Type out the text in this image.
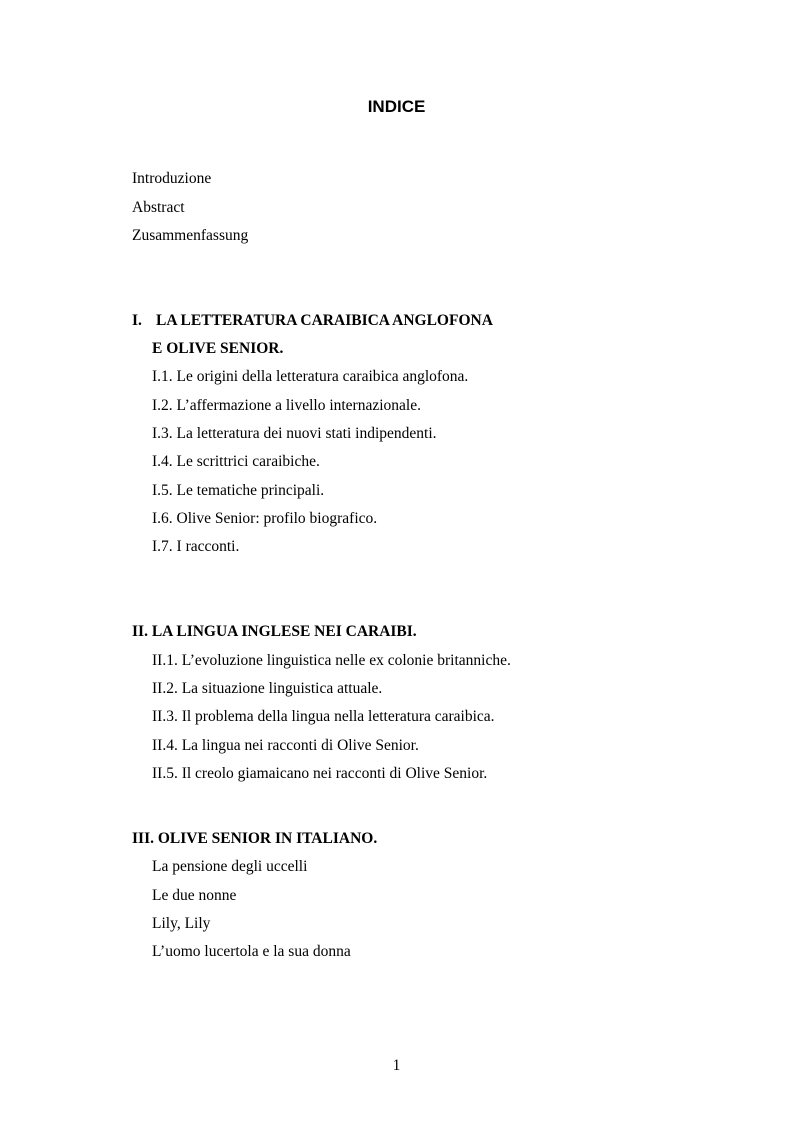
INDICE
Introduzione
Abstract
Zusammenfassung
I. LA LETTERATURA CARAIBICA ANGLOFONA
E OLIVE SENIOR.
I.1. Le origini della letteratura caraibica anglofona.
I.2. L’affermazione a livello internazionale.
I.3. La letteratura dei nuovi stati indipendenti.
I.4. Le scrittrici caraibiche.
I.5. Le tematiche principali.
I.6. Olive Senior: profilo biografico.
I.7. I racconti.
II. LA LINGUA INGLESE NEI CARAIBI.
II.1. L’evoluzione linguistica nelle ex colonie britanniche.
II.2. La situazione linguistica attuale.
II.3. Il problema della lingua nella letteratura caraibica.
II.4. La lingua nei racconti di Olive Senior.
II.5. Il creolo giamaicano nei racconti di Olive Senior.
III. OLIVE SENIOR IN ITALIANO.
La pensione degli uccelli
Le due nonne
Lily, Lily
L’uomo lucertola e la sua donna
1
